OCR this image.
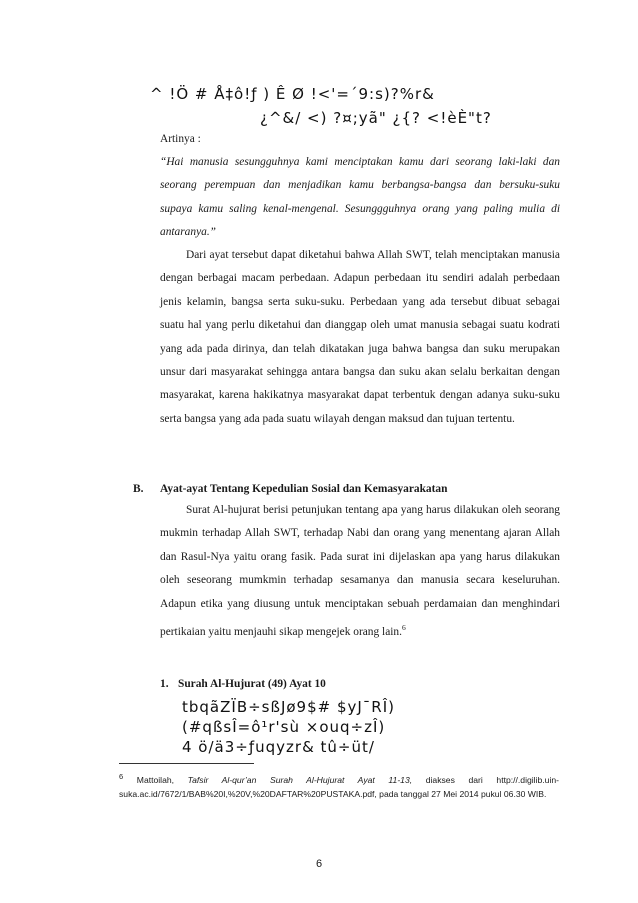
^ !Ö # Å‡ô!ƒ ) Ê Ø !<'=´9:s)?%r&
¿^&/ <) ?¤;yã" ¿{? <!èÈ"t?
Artinya :

“Hai manusia sesungguhnya kami menciptakan kamu dari seorang laki-laki dan seorang perempuan dan menjadikan kamu berbangsa-bangsa dan bersuku-suku supaya kamu saling kenal-mengenal. Sesunggguhnya orang yang paling mulia di antaranya.”

Dari ayat tersebut dapat diketahui bahwa Allah SWT, telah menciptakan manusia dengan berbagai macam perbedaan. Adapun perbedaan itu sendiri adalah perbedaan jenis kelamin, bangsa serta suku-suku. Perbedaan yang ada tersebut dibuat sebagai suatu hal yang perlu diketahui dan dianggap oleh umat manusia sebagai suatu kodrati yang ada pada dirinya, dan telah dikatakan juga bahwa bangsa dan suku merupakan unsur dari masyarakat sehingga antara bangsa dan suku akan selalu berkaitan dengan masyarakat, karena hakikatnya masyarakat dapat terbentuk dengan adanya suku-suku serta bangsa yang ada pada suatu wilayah dengan maksud dan tujuan tertentu.

B. Ayat-ayat Tentang Kepedulian Sosial dan Kemasyarakatan

Surat Al-hujurat berisi petunjukan tentang apa yang harus dilakukan oleh seorang mukmin terhadap Allah SWT, terhadap Nabi dan orang yang menentang ajaran Allah dan Rasul-Nya yaitu orang fasik. Pada surat ini dijelaskan apa yang harus dilakukan oleh seseorang mumkmin terhadap sesamanya dan manusia secara keseluruhan. Adapun etika yang diusung untuk menciptakan sebuah perdamaian dan menghindari pertikaian yaitu menjauhi sikap mengejek orang lain.$^6$

1. Surah Al-Hujurat (49) Ayat 10
tbqãZÏB÷sßJø9$# $yJ¯RÎ)
(#qßsÎ=ô¹r'sù ×ouq÷zÎ)
4 ö/ä3÷ƒuqyzr& tû÷üt/

$^6$ Mattoilah, Tafsir Al-qur’an Surah Al-Hujurat Ayat 11-13, diakses dari http://.digilib.uin-suka.ac.id/7672/1/BAB%20I,%20V,%20DAFTAR%20PUSTAKA.pdf, pada tanggal 27 Mei 2014 pukul 06.30 WIB.

6
